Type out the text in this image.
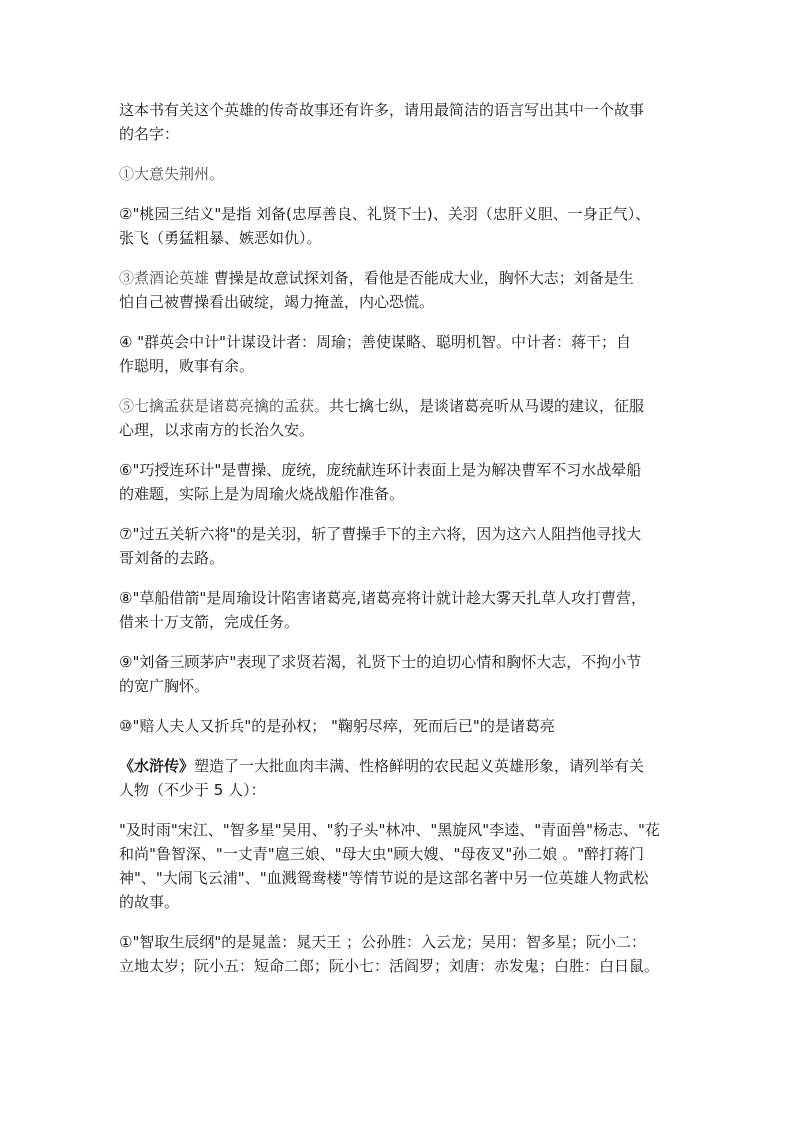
这本书有关这个英雄的传奇故事还有许多，请用最简洁的语言写出其中一个故事
的名字：

①大意失荆州。

②"桃园三结义"是指 刘备(忠厚善良、礼贤下士)、关羽（忠肝义胆、一身正气）、
张飞（勇猛粗暴、嫉恶如仇）。

③煮酒论英雄 曹操是故意试探刘备，看他是否能成大业，胸怀大志；刘备是生
怕自己被曹操看出破绽，竭力掩盖，内心恐慌。

④ "群英会中计"计谋设计者：周瑜；善使谋略、聪明机智。中计者：蒋干；自
作聪明，败事有余。

⑤七擒孟获是诸葛亮擒的孟获。共七擒七纵，是谈诸葛亮听从马谡的建议，征服
心理，以求南方的长治久安。

⑥"巧授连环计"是曹操、庞统，庞统献连环计表面上是为解决曹军不习水战晕船
的难题，实际上是为周瑜火烧战船作准备。

⑦"过五关斩六将"的是关羽，斩了曹操手下的主六将，因为这六人阻挡他寻找大
哥刘备的去路。

⑧"草船借箭"是周瑜设计陷害诸葛亮,诸葛亮将计就计趁大雾天扎草人攻打曹营，
借来十万支箭，完成任务。

⑨"刘备三顾茅庐"表现了求贤若渴，礼贤下士的迫切心情和胸怀大志，不拘小节
的宽广胸怀。

⑩"赔人夫人又折兵"的是孙权； "鞠躬尽瘁，死而后已"的是诸葛亮

《水浒传》塑造了一大批血肉丰满、性格鲜明的农民起义英雄形象，请列举有关
人物（不少于 5 人）：

"及时雨"宋江、"智多星"吴用、"豹子头"林冲、"黑旋风"李逵、"青面兽"杨志、"花
和尚"鲁智深、"一丈青"扈三娘、"母大虫"顾大嫂、"母夜叉"孙二娘 。"醉打蒋门
神"、"大闹飞云浦"、"血溅鸳鸯楼"等情节说的是这部名著中另一位英雄人物武松
的故事。

①"智取生辰纲"的是晁盖：晁天王 ；公孙胜：入云龙；吴用：智多星；阮小二：
立地太岁；阮小五：短命二郎；阮小七：活阎罗；刘唐：赤发鬼；白胜：白日鼠。
